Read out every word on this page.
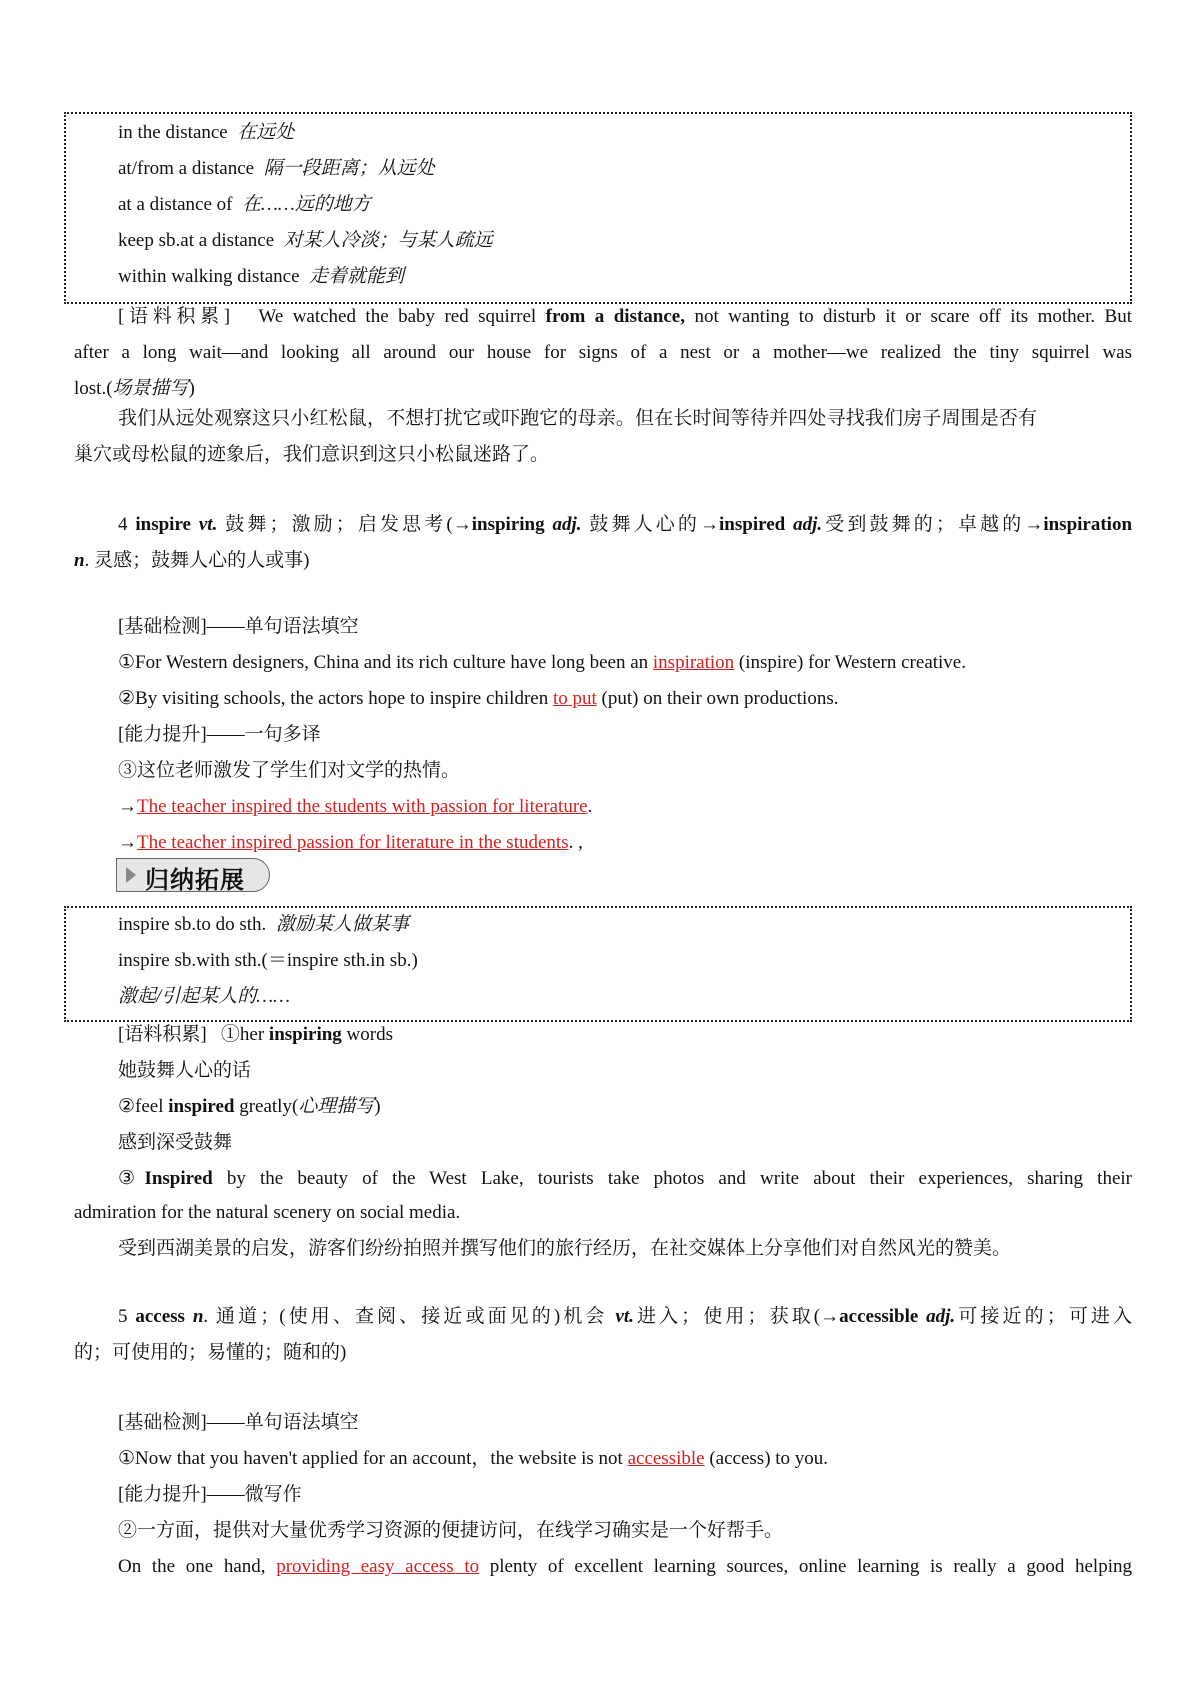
in the distance 在远处
at/from a distance 隔一段距离；从远处
at a distance of 在……远的地方
keep sb.at a distance 对某人冷淡；与某人疏远
within walking distance 走着就能到
[语料积累] We watched the baby red squirrel from a distance, not wanting to disturb it or scare off its mother. But
after a long wait—and looking all around our house for signs of a nest or a mother—we realized the tiny squirrel was
lost.(场景描写)
我们从远处观察这只小红松鼠，不想打扰它或吓跑它的母亲。但在长时间等待并四处寻找我们房子周围是否有
巢穴或母松鼠的迹象后，我们意识到这只小松鼠迷路了。
4 inspire vt. 鼓舞；激励；启发思考(→inspiring adj. 鼓舞人心的→inspired adj.受到鼓舞的；卓越的→inspiration
n. 灵感；鼓舞人心的人或事)
[基础检测]——单句语法填空
①For Western designers, China and its rich culture have long been an inspiration (inspire) for Western creative.
②By visiting schools, the actors hope to inspire children to put (put) on their own productions.
[能力提升]——一句多译
③这位老师激发了学生们对文学的热情。
→The teacher inspired the students with passion for literature.
→The teacher inspired passion for literature in the students. ,
归纳拓展
inspire sb.to do sth. 激励某人做某事
inspire sb.with sth.(＝inspire sth.in sb.)
激起/引起某人的……
[语料积累] ①her inspiring words
她鼓舞人心的话
②feel inspired greatly(心理描写)
感到深受鼓舞
③Inspired by the beauty of the West Lake, tourists take photos and write about their experiences, sharing their
admiration for the natural scenery on social media.
受到西湖美景的启发，游客们纷纷拍照并撰写他们的旅行经历，在社交媒体上分享他们对自然风光的赞美。
5 access n. 通道；(使用、查阅、接近或面见的)机会 vt.进入；使用；获取(→accessible adj.可接近的；可进入
的；可使用的；易懂的；随和的)
[基础检测]——单句语法填空
①Now that you haven't applied for an account，the website is not accessible (access) to you.
[能力提升]——微写作
②一方面，提供对大量优秀学习资源的便捷访问，在线学习确实是一个好帮手。
On the one hand, providing easy access to plenty of excellent learning sources, online learning is really a good helping
